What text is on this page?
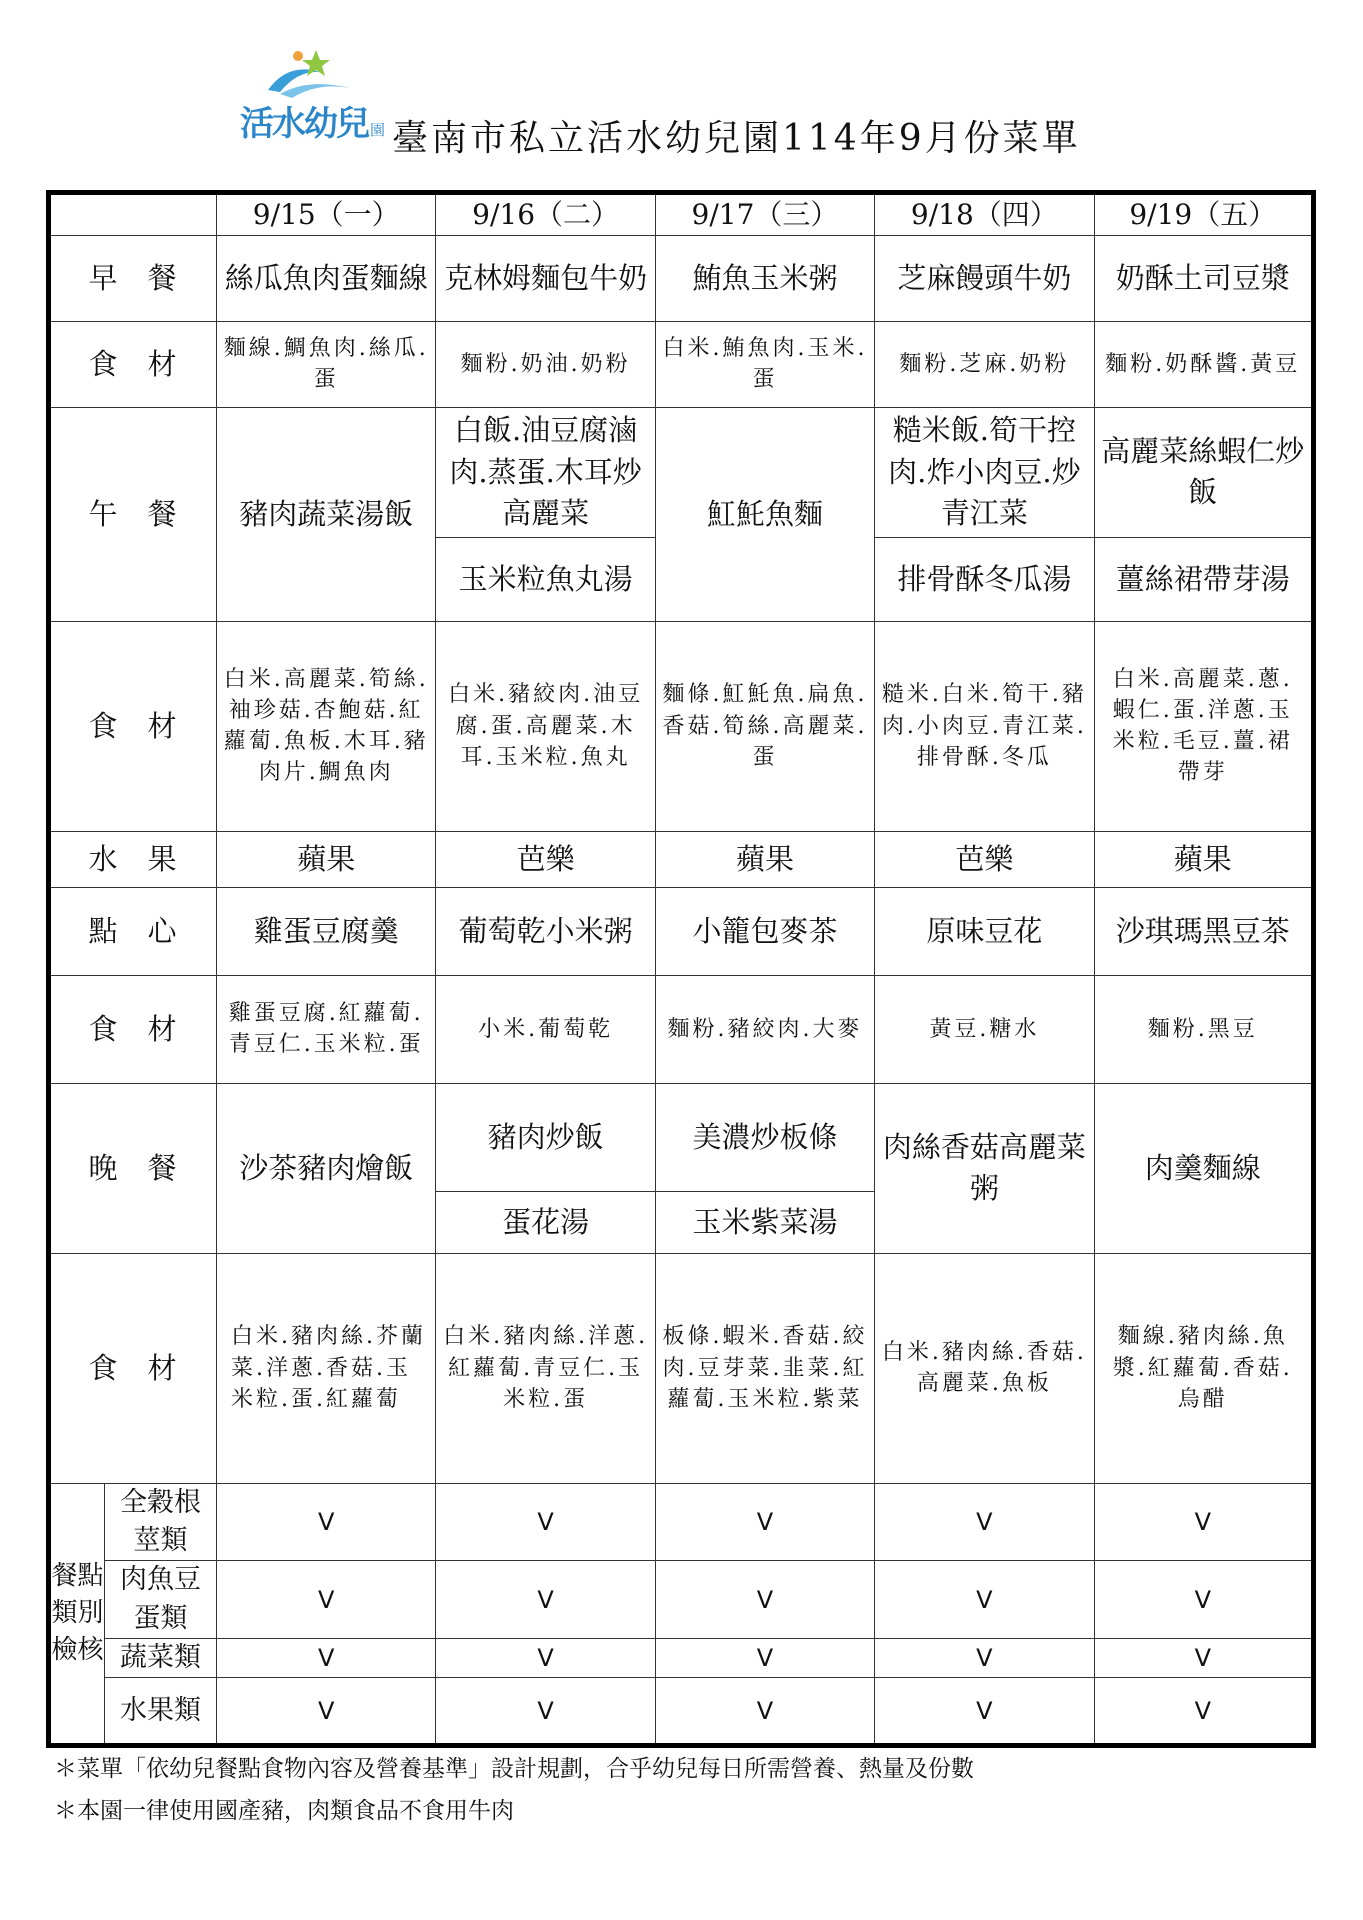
活水幼兒 園 臺南市私立活水幼兒園114年9月份菜單
		9/15（一）	9/16（二）	9/17（三）	9/18（四）	9/19（五）
早餐		絲瓜魚肉蛋麵線	克林姆麵包牛奶	鮪魚玉米粥	芝麻饅頭牛奶	奶酥土司豆漿
食材		麵線.鯛魚肉.絲瓜.蛋	麵粉.奶油.奶粉	白米.鮪魚肉.玉米.蛋	麵粉.芝麻.奶粉	麵粉.奶酥醬.黃豆
午餐		豬肉蔬菜湯飯	白飯.油豆腐滷肉.蒸蛋.木耳炒高麗菜	魟魠魚麵	糙米飯.筍干控肉.炸小肉豆.炒青江菜	高麗菜絲蝦仁炒飯
			玉米粒魚丸湯		排骨酥冬瓜湯	薑絲裙帶芽湯
食材		白米.高麗菜.筍絲.袖珍菇.杏鮑菇.紅蘿蔔.魚板.木耳.豬肉片.鯛魚肉	白米.豬絞肉.油豆腐.蛋.高麗菜.木耳.玉米粒.魚丸	麵條.魟魠魚.扁魚.香菇.筍絲.高麗菜.蛋	糙米.白米.筍干.豬肉.小肉豆.青江菜.排骨酥.冬瓜	白米.高麗菜.蔥.蝦仁.蛋.洋蔥.玉米粒.毛豆.薑.裙帶芽
水果		蘋果	芭樂	蘋果	芭樂	蘋果
點心		雞蛋豆腐羹	葡萄乾小米粥	小籠包麥茶	原味豆花	沙琪瑪黑豆茶
食材		雞蛋豆腐.紅蘿蔔.青豆仁.玉米粒.蛋	小米.葡萄乾	麵粉.豬絞肉.大麥	黃豆.糖水	麵粉.黑豆
晚餐		沙茶豬肉燴飯	豬肉炒飯	美濃炒板條	肉絲香菇高麗菜粥	肉羹麵線
			蛋花湯	玉米紫菜湯		
食材		白米.豬肉絲.芥蘭菜.洋蔥.香菇.玉米粒.蛋.紅蘿蔔	白米.豬肉絲.洋蔥. 紅蘿蔔.青豆仁.玉米粒.蛋	板條.蝦米.香菇.絞肉.豆芽菜.韭菜.紅蘿蔔.玉米粒.紫菜	白米.豬肉絲.香菇.高麗菜.魚板	麵線.豬肉絲.魚漿.紅蘿蔔.香菇.烏醋
餐點類別檢核	全穀根莖類	V	V	V	V	V
	肉魚豆蛋類	V	V	V	V	V
	蔬菜類	V	V	V	V	V
	水果類	V	V	V	V	V
＊菜單「依幼兒餐點食物內容及營養基準」設計規劃，合乎幼兒每日所需營養、熱量及份數
＊本園一律使用國產豬，肉類食品不食用牛肉
